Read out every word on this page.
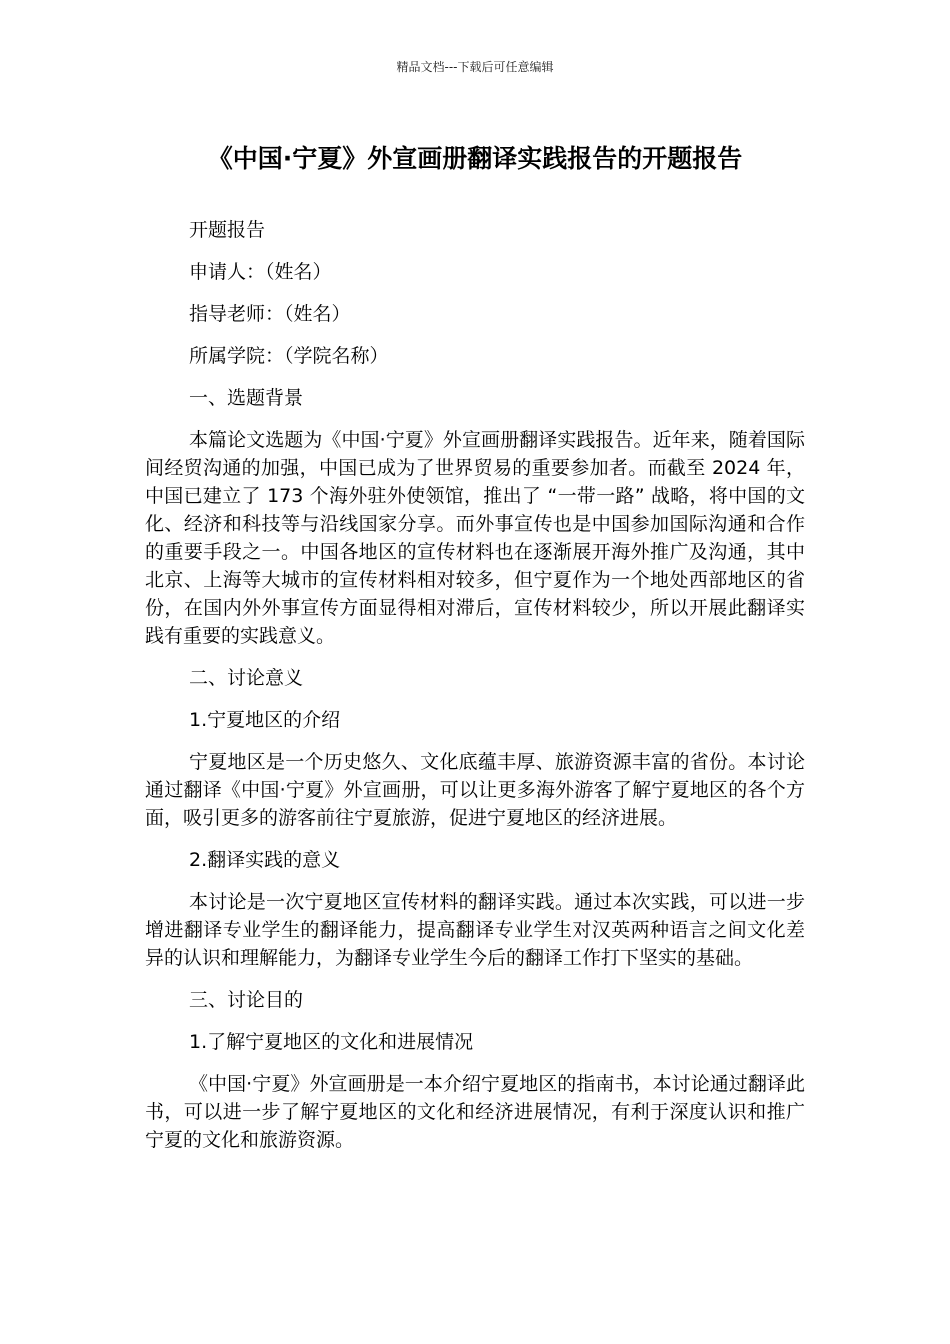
精品文档---下载后可任意编辑
《中国·宁夏》外宣画册翻译实践报告的开题报告

开题报告

申请人：（姓名）

指导老师：（姓名）

所属学院：（学院名称）

一、选题背景

本篇论文选题为《中国·宁夏》外宣画册翻译实践报告。近年来，随着国际间经贸沟通的加强，中国已成为了世界贸易的重要参加者。而截至 2024 年，中国已建立了 173 个海外驻外使领馆，推出了 “一带一路” 战略，将中国的文化、经济和科技等与沿线国家分享。而外事宣传也是中国参加国际沟通和合作的重要手段之一。中国各地区的宣传材料也在逐渐展开海外推广及沟通，其中北京、上海等大城市的宣传材料相对较多，但宁夏作为一个地处西部地区的省份，在国内外外事宣传方面显得相对滞后，宣传材料较少，所以开展此翻译实践有重要的实践意义。

二、讨论意义

1.宁夏地区的介绍

宁夏地区是一个历史悠久、文化底蕴丰厚、旅游资源丰富的省份。本讨论通过翻译《中国·宁夏》外宣画册，可以让更多海外游客了解宁夏地区的各个方面，吸引更多的游客前往宁夏旅游，促进宁夏地区的经济进展。

2.翻译实践的意义

本讨论是一次宁夏地区宣传材料的翻译实践。通过本次实践，可以进一步增进翻译专业学生的翻译能力，提高翻译专业学生对汉英两种语言之间文化差异的认识和理解能力，为翻译专业学生今后的翻译工作打下坚实的基础。

三、讨论目的

1.了解宁夏地区的文化和进展情况

《中国·宁夏》外宣画册是一本介绍宁夏地区的指南书，本讨论通过翻译此书，可以进一步了解宁夏地区的文化和经济进展情况，有利于深度认识和推广宁夏的文化和旅游资源。
